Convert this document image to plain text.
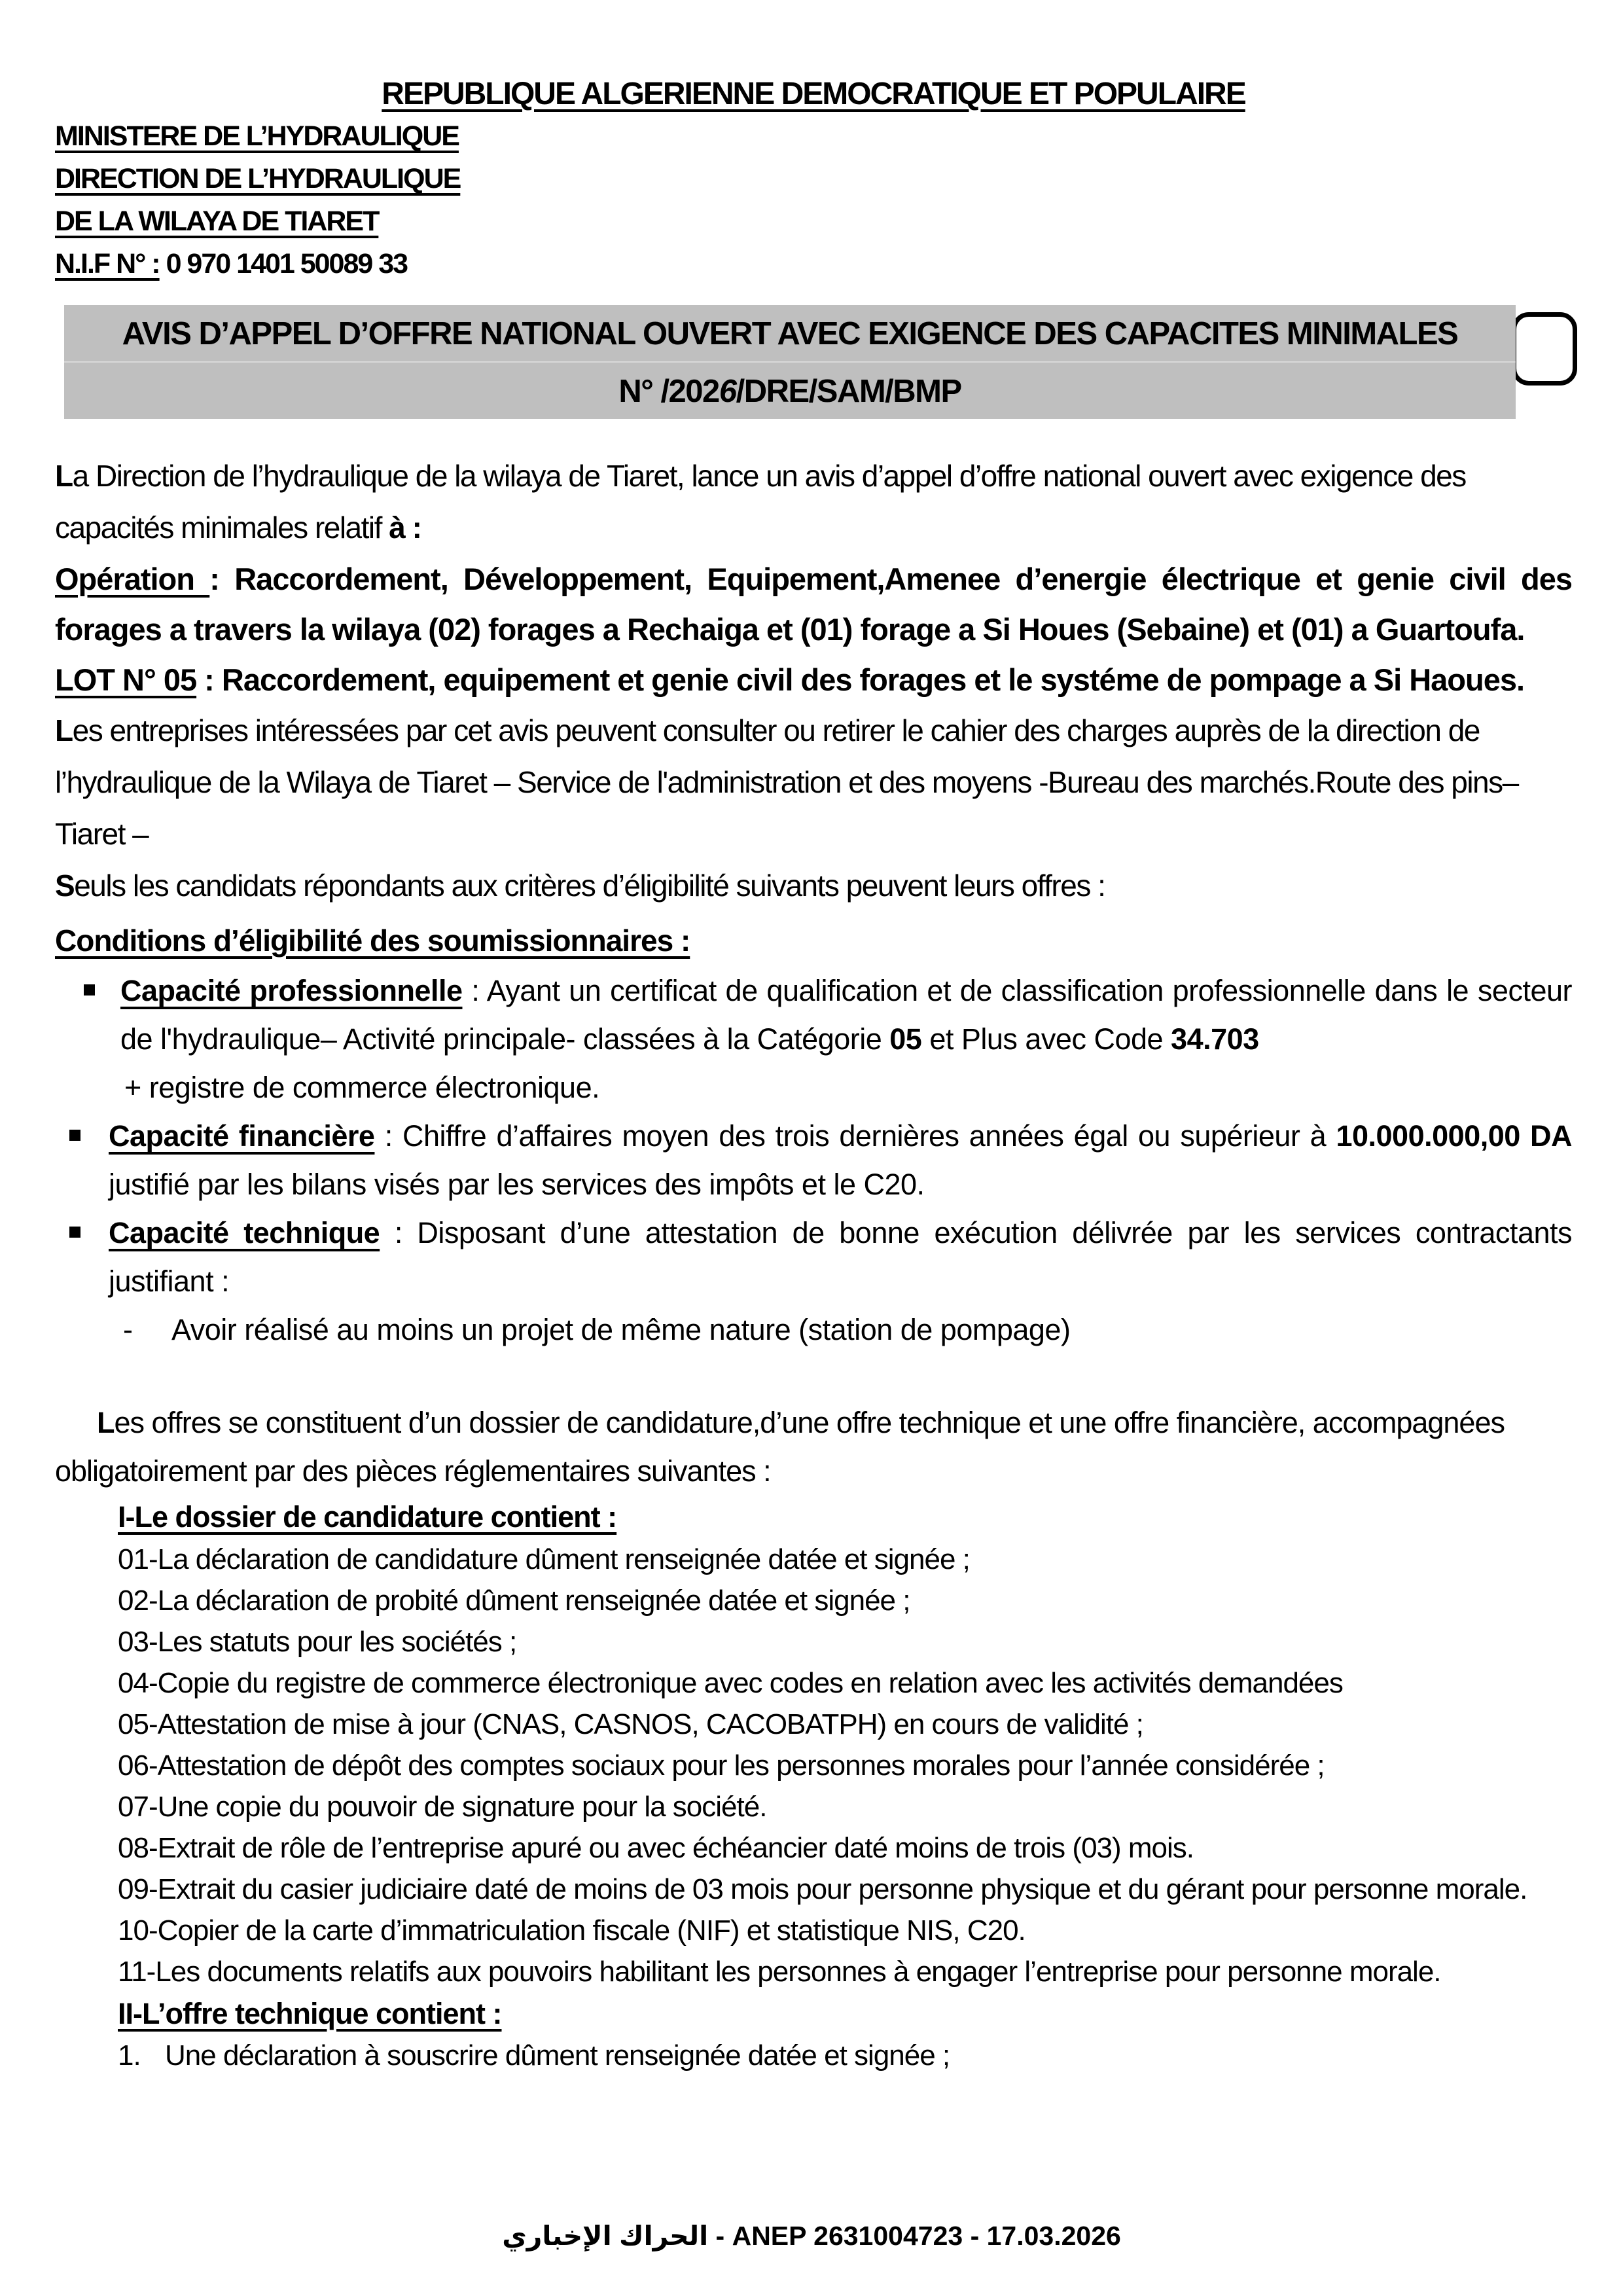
REPUBLIQUE ALGERIENNE DEMOCRATIQUE ET POPULAIRE
MINISTERE DE L’HYDRAULIQUE
DIRECTION DE L’HYDRAULIQUE
DE LA WILAYA DE TIARET
N.I.F N° : 0 970 1401 50089 33
AVIS D’APPEL D’OFFRE NATIONAL OUVERT AVEC EXIGENCE DES CAPACITES MINIMALES
N° /2026/DRE/SAM/BMP

La Direction de l’hydraulique de la wilaya de Tiaret, lance un avis d’appel d’offre national ouvert avec exigence des capacités minimales relatif à :

Opération : Raccordement, Développement, Equipement,Amenee d’energie électrique et genie civil des forages a travers la wilaya (02) forages a Rechaiga et (01) forage a Si Houes (Sebaine) et (01) a Guartoufa.

LOT N° 05 : Raccordement, equipement et genie civil des forages et le systéme de pompage a Si Haoues.

Les entreprises intéressées par cet avis peuvent consulter ou retirer le cahier des charges auprès de la direction de l’hydraulique de la Wilaya de Tiaret – Service de l'administration et des moyens -Bureau des marchés.Route des pins–Tiaret –

Seuls les candidats répondants aux critères d’éligibilité suivants peuvent leurs offres :

Conditions d’éligibilité des soumissionnaires :
Capacité professionnelle : Ayant un certificat de qualification et de classification professionnelle dans le secteur de l'hydraulique– Activité principale- classées à la Catégorie 05 et Plus avec Code 34.703
+ registre de commerce électronique.
Capacité financière : Chiffre d’affaires moyen des trois dernières années égal ou supérieur à 10.000.000,00 DA justifié par les bilans visés par les services des impôts et le C20.
Capacité technique : Disposant d’une attestation de bonne exécution délivrée par les services contractants justifiant :
-	Avoir réalisé au moins un projet de même nature (station de pompage)

Les offres se constituent d’un dossier de candidature,d’une offre technique et une offre financière, accompagnées obligatoirement par des pièces réglementaires suivantes :

I-Le dossier de candidature contient :
01-La déclaration de candidature dûment renseignée datée et signée ;
02-La déclaration de probité dûment renseignée datée et signée ;
03-Les statuts pour les sociétés ;
04-Copie du registre de commerce électronique avec codes en relation avec les activités demandées
05-Attestation de mise à jour (CNAS, CASNOS, CACOBATPH) en cours de validité ;
06-Attestation de dépôt des comptes sociaux pour les personnes morales pour l’année considérée ;
07-Une copie du pouvoir de signature pour la société.
08-Extrait de rôle de l’entreprise apuré ou avec échéancier daté moins de trois (03) mois.
09-Extrait du casier judiciaire daté de moins de 03 mois pour personne physique et du gérant pour personne morale.
10-Copier de la carte d’immatriculation fiscale (NIF) et statistique NIS, C20.
11-Les documents relatifs aux pouvoirs habilitant les personnes à engager l’entreprise pour personne morale.
II-L’offre technique contient :
1. Une déclaration à souscrire dûment renseignée datée et signée ;
الحراك الإخباري - ANEP 2631004723 - 17.03.2026
